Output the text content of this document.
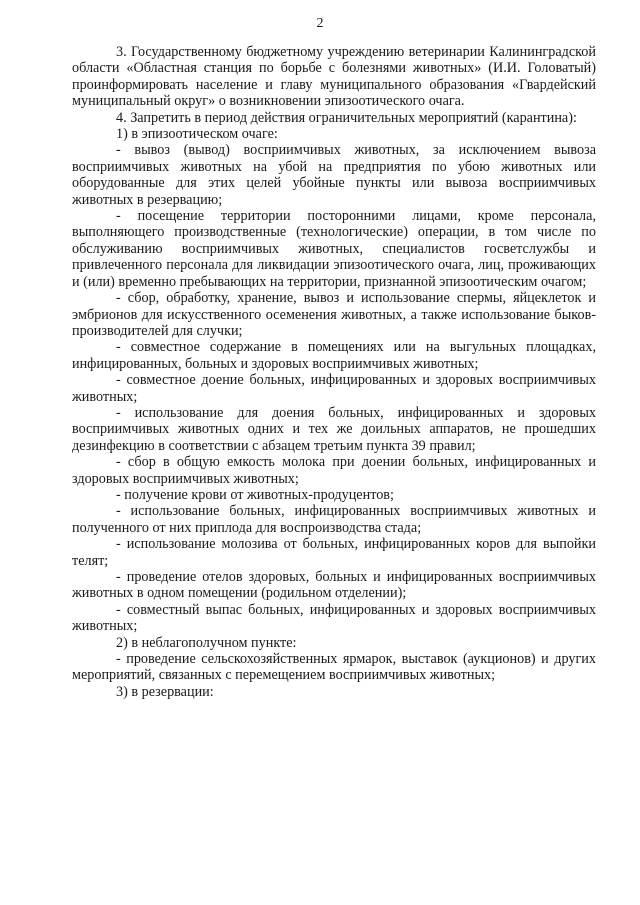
2

3. Государственному бюджетному учреждению ветеринарии Калининградской области «Областная станция по борьбе с болезнями животных» (И.И. Головатый) проинформировать население и главу муниципального образования «Гвардейский муниципальный округ» о возникновении эпизоотического очага.

4. Запретить в период действия ограничительных мероприятий (карантина):

1) в эпизоотическом очаге:

- вывоз (вывод) восприимчивых животных, за исключением вывоза восприимчивых животных на убой на предприятия по убою животных или оборудованные для этих целей убойные пункты или вывоза восприимчивых животных в резервацию;

- посещение территории посторонними лицами, кроме персонала, выполняющего производственные (технологические) операции, в том числе по обслуживанию восприимчивых животных, специалистов госветслужбы и привлеченного персонала для ликвидации эпизоотического очага, лиц, проживающих и (или) временно пребывающих на территории, признанной эпизоотическим очагом;

- сбор, обработку, хранение, вывоз и использование спермы, яйцеклеток и эмбрионов для искусственного осеменения животных, а также использование быков-производителей для случки;

- совместное содержание в помещениях или на выгульных площадках, инфицированных, больных и здоровых восприимчивых животных;

- совместное доение больных, инфицированных и здоровых восприимчивых животных;

- использование для доения больных, инфицированных и здоровых восприимчивых животных одних и тех же доильных аппаратов, не прошедших дезинфекцию в соответствии с абзацем третьим пункта 39 правил;

- сбор в общую емкость молока при доении больных, инфицированных и здоровых восприимчивых животных;

- получение крови от животных-продуцентов;

- использование больных, инфицированных восприимчивых животных и полученного от них приплода для воспроизводства стада;

- использование молозива от больных, инфицированных коров для выпойки телят;

- проведение отелов здоровых, больных и инфицированных восприимчивых животных в одном помещении (родильном отделении);

- совместный выпас больных, инфицированных и здоровых восприимчивых животных;

2) в неблагополучном пункте:

- проведение сельскохозяйственных ярмарок, выставок (аукционов) и других мероприятий, связанных с перемещением восприимчивых животных;

3) в резервации:
